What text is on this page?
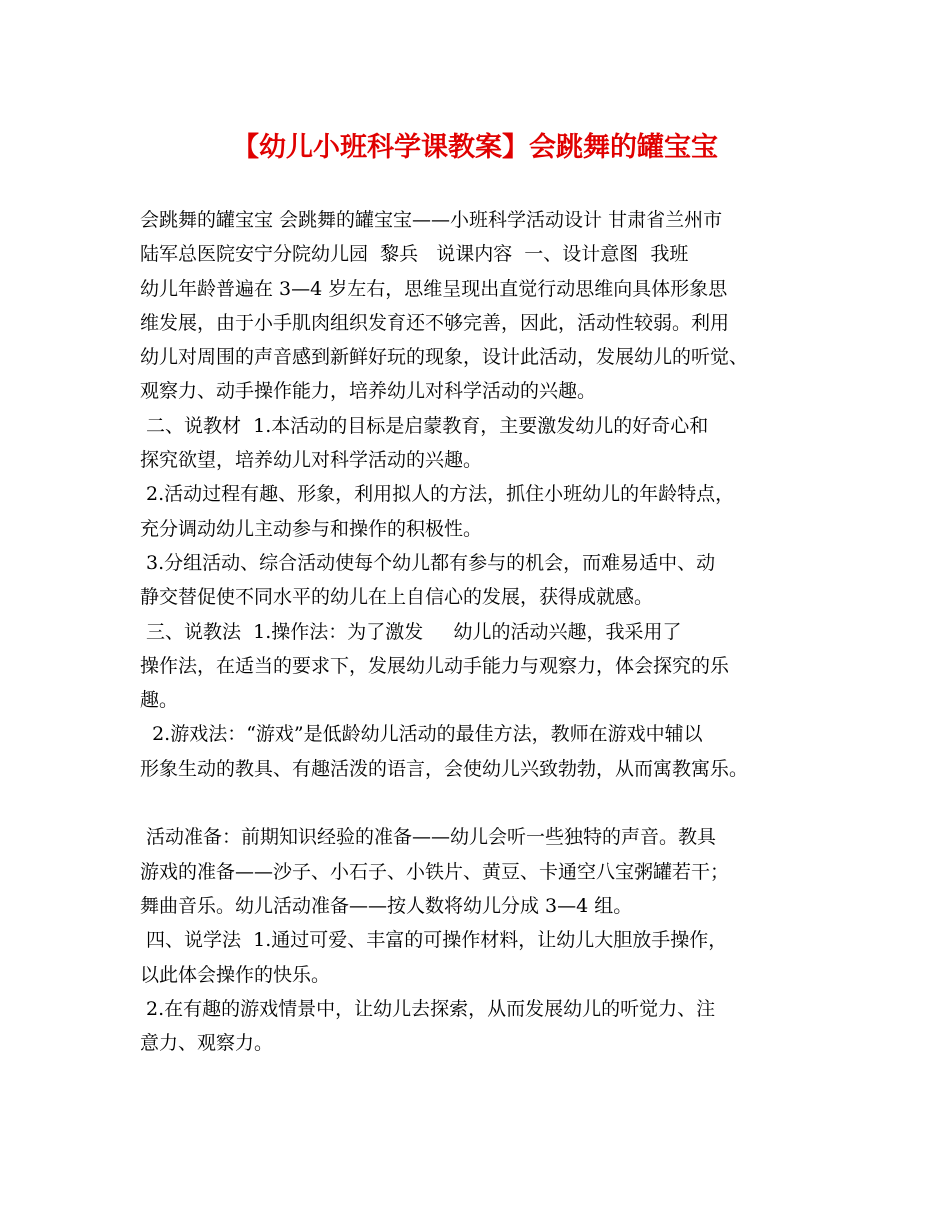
【幼儿小班科学课教案】会跳舞的罐宝宝
会跳舞的罐宝宝 会跳舞的罐宝宝——小班科学活动设计 甘肃省兰州市
陆军总医院安宁分院幼儿园  黎兵   说课内容  一、设计意图  我班
幼儿年龄普遍在 3—4 岁左右，思维呈现出直觉行动思维向具体形象思
维发展，由于小手肌肉组织发育还不够完善，因此，活动性较弱。利用
幼儿对周围的声音感到新鲜好玩的现象，设计此活动，发展幼儿的听觉、
观察力、动手操作能力，培养幼儿对科学活动的兴趣。
二、说教材  1.本活动的目标是启蒙教育，主要激发幼儿的好奇心和
探究欲望，培养幼儿对科学活动的兴趣。
2.活动过程有趣、形象，利用拟人的方法，抓住小班幼儿的年龄特点，
充分调动幼儿主动参与和操作的积极性。
3.分组活动、综合活动使每个幼儿都有参与的机会，而难易适中、动
静交替促使不同水平的幼儿在上自信心的发展，获得成就感。
三、说教法  1.操作法：为了激发     幼儿的活动兴趣，我采用了
操作法，在适当的要求下，发展幼儿动手能力与观察力，体会探究的乐
趣。
2.游戏法：“游戏”是低龄幼儿活动的最佳方法，教师在游戏中辅以
形象生动的教具、有趣活泼的语言，会使幼儿兴致勃勃，从而寓教寓乐。
活动准备：前期知识经验的准备——幼儿会听一些独特的声音。教具
游戏的准备——沙子、小石子、小铁片、黄豆、卡通空八宝粥罐若干；
舞曲音乐。幼儿活动准备——按人数将幼儿分成 3—4 组。
四、说学法  1.通过可爱、丰富的可操作材料，让幼儿大胆放手操作，
以此体会操作的快乐。
2.在有趣的游戏情景中，让幼儿去探索，从而发展幼儿的听觉力、注
意力、观察力。
